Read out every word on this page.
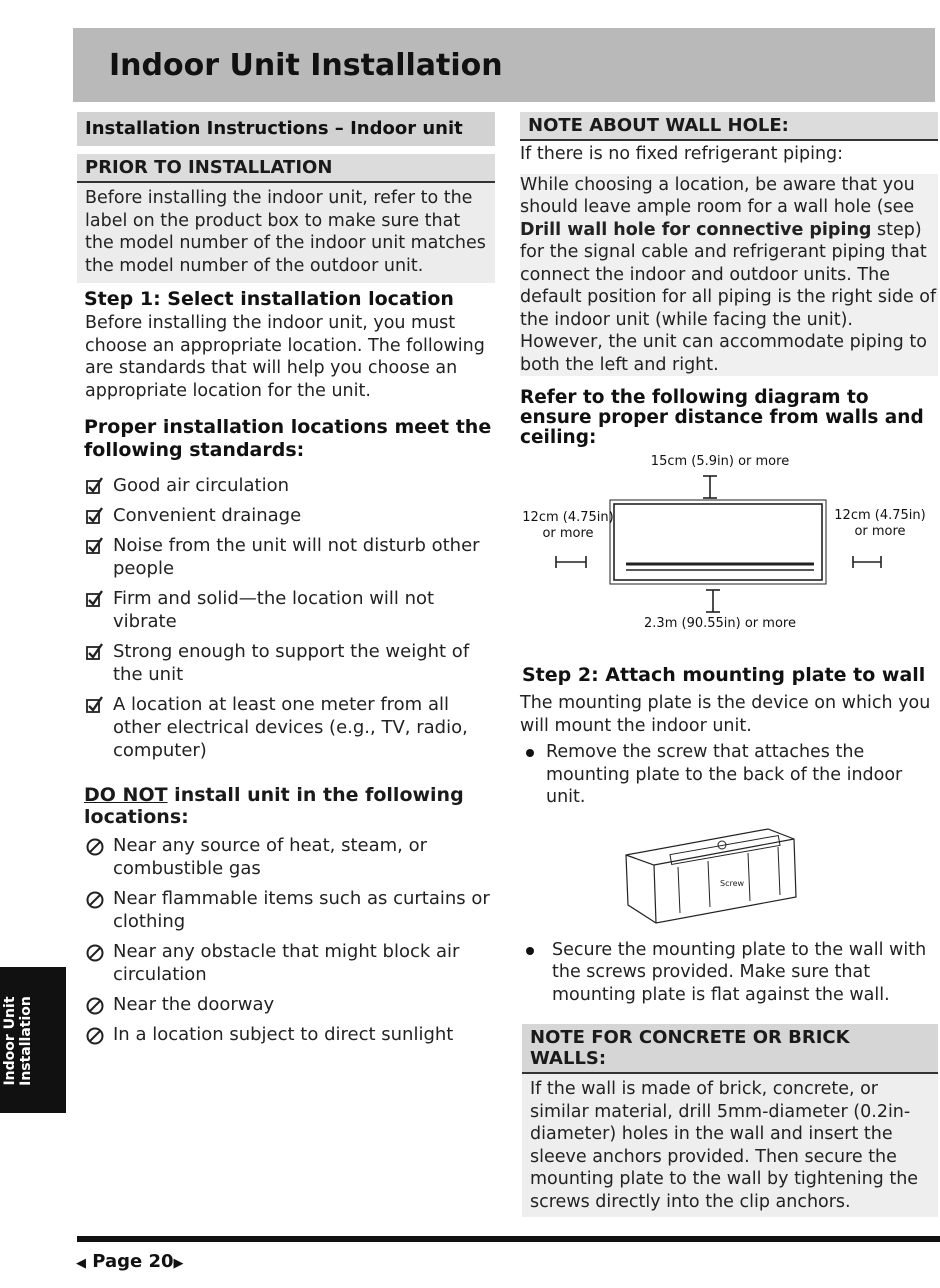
Indoor Unit Installation
Installation Instructions – Indoor unit
PRIOR TO INSTALLATION
Before installing the indoor unit, refer to the label on the product box to make sure that the model number of the indoor unit matches the model number of the outdoor unit.
Step 1: Select installation location

Before installing the indoor unit, you must choose an appropriate location. The following are standards that will help you choose an appropriate location for the unit.

Proper installation locations meet the following standards:
Good air circulation
Convenient drainage
Noise from the unit will not disturb other people
Firm and solid—the location will not vibrate
Strong enough to support the weight of the unit
A location at least one meter from all other electrical devices (e.g., TV, radio, computer)
DO NOT install unit in the following locations:
Near any source of heat, steam, or combustible gas
Near flammable items such as curtains or clothing
Near any obstacle that might block air circulation
Near the doorway
In a location subject to direct sunlight
NOTE ABOUT WALL HOLE:

If there is no fixed refrigerant piping:

While choosing a location, be aware that you should leave ample room for a wall hole (see Drill wall hole for connective piping step) for the signal cable and refrigerant piping that connect the indoor and outdoor units. The default position for all piping is the right side of the indoor unit (while facing the unit). However, the unit can accommodate piping to both the left and right.

Refer to the following diagram to ensure proper distance from walls and ceiling:
15cm (5.9in) or more
12cm (4.75in)
or more
12cm (4.75in)
or more
2.3m (90.55in) or more
Step 2: Attach mounting plate to wall

The mounting plate is the device on which you will mount the indoor unit.

Remove the screw that attaches the mounting plate to the back of the indoor unit.
Screw
Secure the mounting plate to the wall with the screws provided. Make sure that mounting plate is flat against the wall.
NOTE FOR CONCRETE OR BRICK WALLS:

If the wall is made of brick, concrete, or similar material, drill 5mm-diameter (0.2in-diameter) holes in the wall and insert the sleeve anchors provided. Then secure the mounting plate to the wall by tightening the screws directly into the clip anchors.

Indoor Unit Installation
◀ Page 20▶
